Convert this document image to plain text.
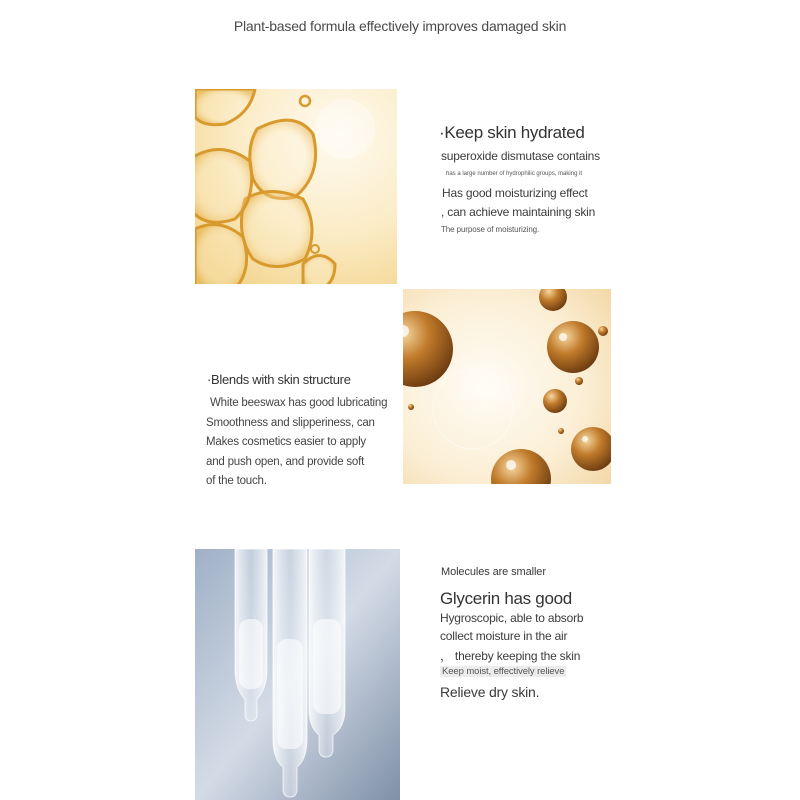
Plant-based formula effectively improves damaged skin
·Keep skin hydrated
superoxide dismutase contains
has a large number of hydrophilic groups, making it
Has good moisturizing effect
, can achieve maintaining skin
The purpose of moisturizing.
·Blends with skin structure
White beeswax has good lubricating
Smoothness and slipperiness, can
Makes cosmetics easier to apply
and push open, and provide soft
of the touch.
Molecules are smaller
Glycerin has good
Hygroscopic, able to absorb
collect moisture in the air
， thereby keeping the skin
Keep moist, effectively relieve
Relieve dry skin.
